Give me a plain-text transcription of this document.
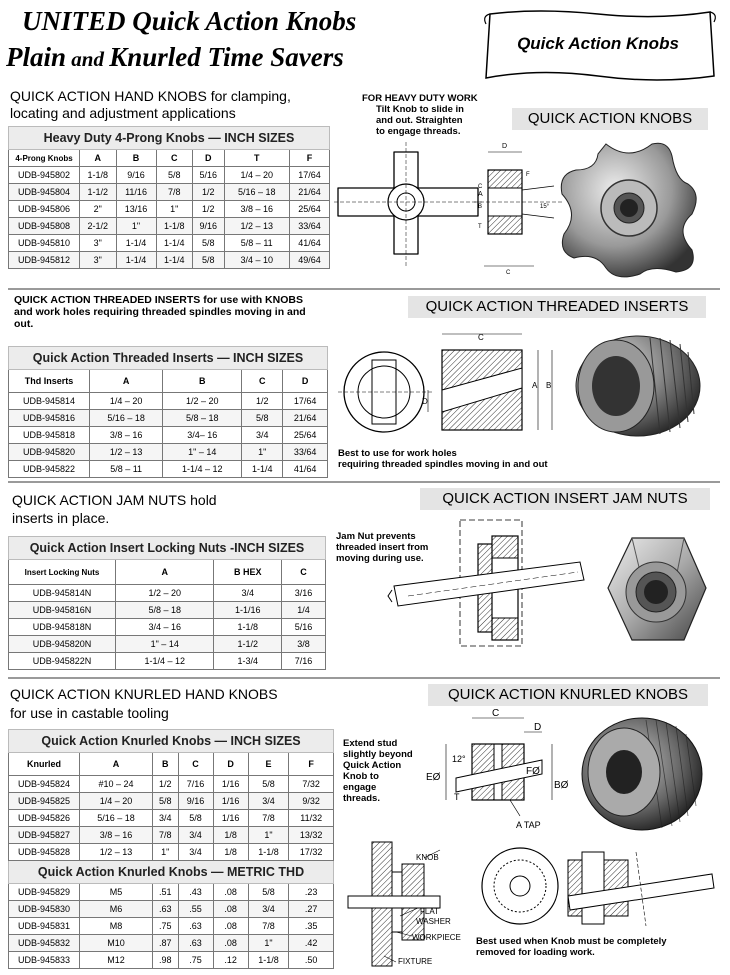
UNITED Quick Action Knobs
Plain and Knurled Time Savers	Quick Action Knobs
QUICK ACTION HAND KNOBS for clamping,
locating and adjustment applications
FOR HEAVY DUTY WORK
Tilt Knob to slide in
and out. Straighten
to engage threads.
QUICK ACTION KNOBS
Heavy Duty 4-Prong Knobs — INCH SIZES						
4-Prong Knobs	A	B	C	D	T	F
UDB-945802	1-1/8	9/16	5/8	5/16	1/4 – 20	17/64
UDB-945804	1-1/2	11/16	7/8	1/2	5/16 – 18	21/64
UDB-945806	2"	13/16	1"	1/2	3/8 – 16	25/64
UDB-945808	2-1/2	1"	1-1/8	9/16	1/2 – 13	33/64
UDB-945810	3"	1-1/4	1-1/4	5/8	5/8 – 11	41/64
UDB-945812	3"	1-1/4	1-1/4	5/8	3/4 – 10	49/64
D
A
C
B
T
F
15°
C
QUICK ACTION THREADED INSERTS for use with KNOBS
and work holes requiring threaded spindles moving in and
out.
QUICK ACTION THREADED INSERTS
Quick Action Threaded Inserts — INCH SIZES				
Thd Inserts	A	B	C	D
UDB-945814	1/4 – 20	1/2 – 20	1/2	17/64
UDB-945816	5/16 – 18	5/8 – 18	5/8	21/64
UDB-945818	3/8 – 16	3/4– 16	3/4	25/64
UDB-945820	1/2 – 13	1" – 14	1"	33/64
UDB-945822	5/8 – 11	1-1/4 – 12	1-1/4	41/64
C
A B
D
Best to use for work holes
requiring threaded spindles moving in and out
QUICK ACTION JAM NUTS hold
inserts in place.
QUICK ACTION INSERT JAM NUTS
Quick Action Insert Locking Nuts -INCH SIZES			
Insert Locking Nuts	A	B HEX	C
UDB-945814N	1/2 – 20	3/4	3/16
UDB-945816N	5/8 – 18	1-1/16	1/4
UDB-945818N	3/4 – 16	1-1/8	5/16
UDB-945820N	1" – 14	1-1/2	3/8
UDB-945822N	1-1/4 – 12	1-3/4	7/16
Jam Nut prevents
threaded insert from
moving during use.
QUICK ACTION KNURLED HAND KNOBS
for use in castable tooling
QUICK ACTION KNURLED KNOBS
Quick Action Knurled Knobs — INCH SIZES						
Knurled	A	B	C	D	E	F
UDB-945824	#10 – 24	1/2	7/16	1/16	5/8	7/32
UDB-945825	1/4 – 20	5/8	9/16	1/16	3/4	9/32
UDB-945826	5/16 – 18	3/4	5/8	1/16	7/8	11/32
UDB-945827	3/8 – 16	7/8	3/4	1/8	1"	13/32
UDB-945828	1/2 – 13	1"	3/4	1/8	1-1/8	17/32
Quick Action Knurled Knobs — METRIC THD						
UDB-945829	M5	.51	.43	.08	5/8	.23
UDB-945830	M6	.63	.55	.08	3/4	.27
UDB-945831	M8	.75	.63	.08	7/8	.35
UDB-945832	M10	.87	.63	.08	1"	.42
UDB-945833	M12	.98	.75	.12	1-1/8	.50
Extend stud
slightly beyond
Quick Action
Knob to
engage
threads.
C
D
12°
EØ
FØ
BØ
T
A TAP
KNOB
FLAT
WASHER
WORKPIECE
FIXTURE
Best used when Knob must be completely
removed for loading work.
